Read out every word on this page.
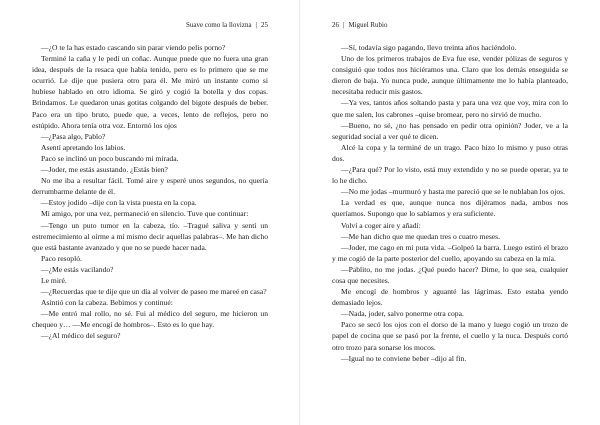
Suave como la llovizna | 25

—¿O te la has estado cascando sin parar viendo pelis porno?

Terminé la caña y le pedí un coñac. Aunque puede que no fuera una gran idea, después de la resaca que había tenido, pero es lo primero que se me ocurrió. Le dije que pusiera otro para él. Me miró un instante como si hubiese hablado en otro idioma. Se giró y cogió la botella y dos copas. Brindamos. Le quedaron unas gotitas colgando del bigote después de beber. Paco era un tipo bruto, puede que, a veces, lento de reflejos, pero no estúpido. Ahora tenía otra voz. Entornó los ojos

—¿Pasa algo, Pablo?

Asentí apretando los labios.

Paco se inclinó un poco buscando mi mirada.

—Joder, me estás asustando. ¿Estás bien?

No me iba a resultar fácil. Tomé aire y esperé unos segundos, no quería derrumbarme delante de él.

—Estoy jodido –dije con la vista puesta en la copa.

Mi amigo, por una vez, permaneció en silencio. Tuve que continuar:

—Tengo un puto tumor en la cabeza, tío. –Tragué saliva y sentí un estremecimiento al oírme a mí mismo decir aquellas palabras–. Me han dicho que está bastante avanzado y que no se puede hacer nada.

Paco resopló.

—¿Me estás vacilando?

Le miré.

—¿Recuerdas que te dije que un día al volver de paseo me mareé en casa?

Asintió con la cabeza. Bebimos y continué:

—Me entró mal rollo, no sé. Fui al médico del seguro, me hicieron un chequeo y… —Me encogí de hombros–. Esto es lo que hay.

—¿Al médico del seguro?

26 | Miguel Rubio

—Sí, todavía sigo pagando, llevo treinta años haciéndolo.

Uno de los primeros trabajos de Eva fue ese, vender pólizas de seguros y consiguió que todos nos hiciéramos una. Claro que los demás enseguida se dieron de baja. Yo nunca pude, aunque últimamente me lo había planteado, necesitaba reducir mis gastos.

—Ya ves, tantos años soltando pasta y para una vez que voy, mira con lo que me salen, los cabrones –quise bromear, pero no sirvió de mucho.

—Bueno, no sé, ¿no has pensado en pedir otra opinión? Joder, ve a la seguridad social a ver qué te dicen.

Alcé la copa y la terminé de un trago. Paco hizo lo mismo y puso otras dos.

—¿Para qué? Por lo visto, está muy extendido y no se puede operar, ya te lo he dicho.

—No me jodas –murmuró y hasta me pareció que se le nublaban los ojos.

La verdad es que, aunque nunca nos dijéramos nada, ambos nos queríamos. Supongo que lo sabíamos y era suficiente.

Volví a coger aire y añadí:

—Me han dicho que me quedan tres o cuatro meses.

—Joder, me cago en mi puta vida. –Golpeó la barra. Luego estiró el brazo y me cogió de la parte posterior del cuello, apoyando su cabeza en la mía.

—Pablito, no me jodas. ¿Qué puedo hacer? Dime, lo que sea, cualquier cosa que necesites.

Me encogí de hombros y aguanté las lágrimas. Esto estaba yendo demasiado lejos.

—Nada, joder, salvo ponerme otra copa.

Paco se secó los ojos con el dorso de la mano y luego cogió un trozo de papel de cocina que se pasó por la frente, el cuello y la nuca. Después cortó otro trozo para sonarse los mocos.

—Igual no te conviene beber –dijo al fin.
